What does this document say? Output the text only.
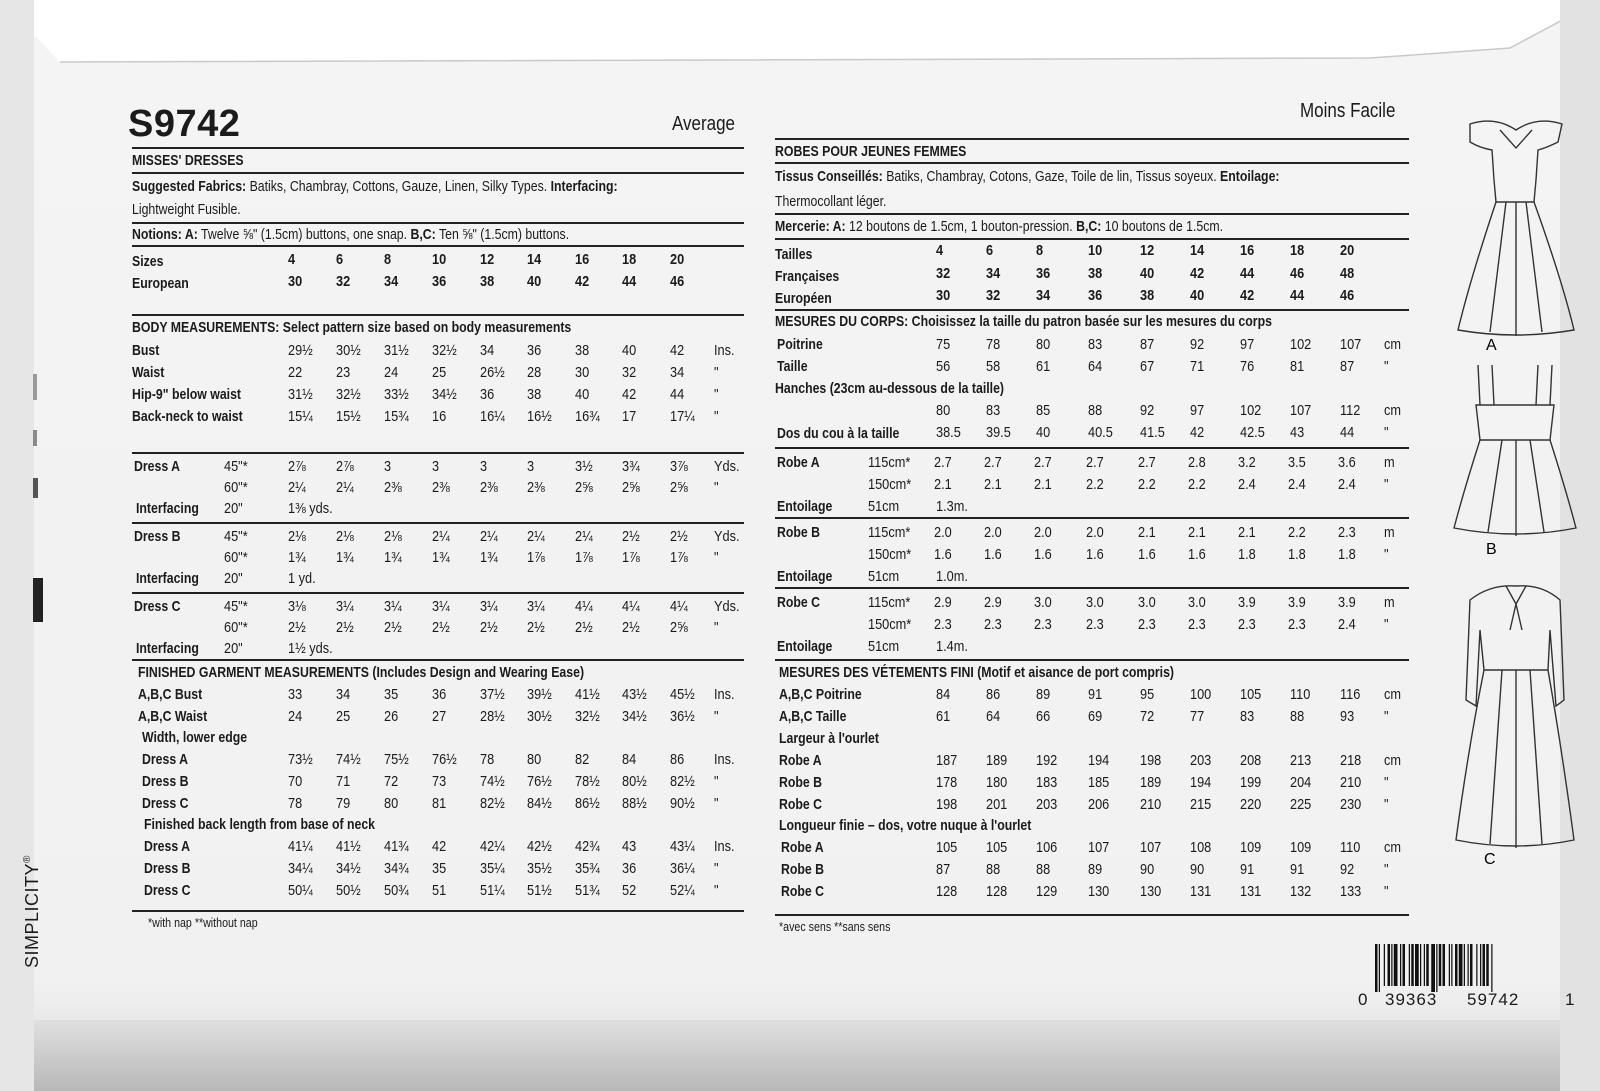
S9742	Average
Moins Facile
SIMPLICITY®
MISSES' DRESSES
Suggested Fabrics: Batiks, Chambray, Cottons, Gauze, Linen, Silky Types. Interfacing:
Lightweight Fusible.
Notions: A: Twelve ⅝" (1.5cm) buttons, one snap. B,C: Ten ⅝" (1.5cm) buttons.
Sizes	4	6	8	10 12 14 16 18 20
European	30 32 34 36 38 40 42 44 46
BODY MEASUREMENTS: Select pattern size based on body measurements
Bust	29½ 30½ 31½ 32½ 34 36 38 40 42 Ins.
Waist	22 23 24 25 26½ 28 30 32 34 "
Hip-9" below waist	31½ 32½ 33½ 34½ 36 38 40 42 44 "
Back-neck to waist	15¼ 15½ 15¾ 16 16¼ 16½ 16¾ 17 17¼ "
Dress A	45"*	2⅞ 2⅞ 3	3	3	3	3½ 3¾ 3⅞ Yds.
60"*	2¼ 2¼ 2⅜ 2⅜ 2⅜ 2⅜ 2⅝ 2⅝ 2⅝ "
Interfacing 20"	1⅜ yds.
Dress B	45"*	2⅛ 2⅛ 2⅛ 2¼ 2¼ 2¼ 2¼ 2½ 2½ Yds.
60"*	1¾ 1¾ 1¾ 1¾ 1¾ 1⅞ 1⅞ 1⅞ 1⅞ "
Interfacing 20"	1 yd.
Dress C	45"*	3⅛ 3¼ 3¼ 3¼ 3¼ 3¼ 4¼ 4¼ 4¼ Yds.
60"*	2½ 2½ 2½ 2½ 2½ 2½ 2½ 2½ 2⅝ "
Interfacing 20"	1½ yds.
FINISHED GARMENT MEASUREMENTS (Includes Design and Wearing Ease)
A,B,C Bust	33 34 35 36 37½ 39½ 41½ 43½ 45½ Ins.
A,B,C Waist	24 25 26 27 28½ 30½ 32½ 34½ 36½ "
Width, lower edge
Dress A	73½ 74½ 75½ 76½ 78 80 82 84 86 Ins.
Dress B	70 71 72 73 74½ 76½ 78½ 80½ 82½ "
Dress C	78 79 80 81 82½ 84½ 86½ 88½ 90½ "
Finished back length from base of neck
Dress A	41¼ 41½ 41¾ 42 42¼ 42½ 42¾ 43 43¼ Ins.
Dress B	34¼ 34½ 34¾ 35 35¼ 35½ 35¾ 36 36¼ "
Dress C	50¼ 50½ 50¾ 51 51¼ 51½ 51¾ 52 52¼ "
*with nap **without nap
ROBES POUR JEUNES FEMMES
Tissus Conseillés: Batiks, Chambray, Cotons, Gaze, Toile de lin, Tissus soyeux. Entoilage:
Thermocollant léger.
Mercerie: A: 12 boutons de 1.5cm, 1 bouton-pression. B,C: 10 boutons de 1.5cm.
Tailles	4	6	8	10	12 14 16 18 20
Françaises	32 34 36	38	40 42 44 46 48
Européen	30 32 34	36	38 40 42 44 46
MESURES DU CORPS: Choisissez la taille du patron basée sur les mesures du corps
Poitrine	75 78 80	83	87 92 97 102 107 cm
Taille	56 58 61	64	67 71 76 81 87 "
Hanches (23cm au-dessous de la taille)
80 83 85	88	92 97 102 107 112 cm
Dos du cou à la taille 38.5 39.5 40	40.5 41.5 42 42.5 43 44 "
Robe A	115cm* 2.7 2.7 2.7 2.7 2.7 2.8 3.2 3.5 3.6 m
150cm* 2.1 2.1 2.1 2.2 2.2 2.2 2.4 2.4 2.4 "
Entoilage 51cm 1.3m.
Robe B	115cm* 2.0 2.0 2.0 2.0 2.1 2.1 2.1 2.2 2.3 m
150cm* 1.6 1.6 1.6 1.6 1.6 1.6 1.8 1.8 1.8 "
Entoilage 51cm 1.0m.
Robe C	115cm* 2.9 2.9 3.0 3.0 3.0 3.0 3.9 3.9 3.9 m
150cm* 2.3 2.3 2.3 2.3 2.3 2.3 2.3 2.3 2.4 "
Entoilage 51cm 1.4m.
MESURES DES VÉTEMENTS FINI (Motif et aisance de port compris)
A,B,C Poitrine	84 86 89	91	95 100 105 110 116 cm
A,B,C Taille	61 64 66	69	72 77 83 88 93 "
Largeur à l'ourlet
Robe A	187 189 192 194 198 203 208 213 218 cm
Robe B	178 180 183 185 189 194 199 204 210 "
Robe C	198 201 203 206 210 215 220 225 230 "
Longueur finie – dos, votre nuque à l'ourlet
Robe A	105 105 106 107 107 108 109 109 110 cm
Robe B	87 88 88	89	90 90 91 91 92 "
Robe C	128 128 129 130 130 131 131 132 133 "
*avec sens **sans sens
A
B
C
0 39363 59742	1
